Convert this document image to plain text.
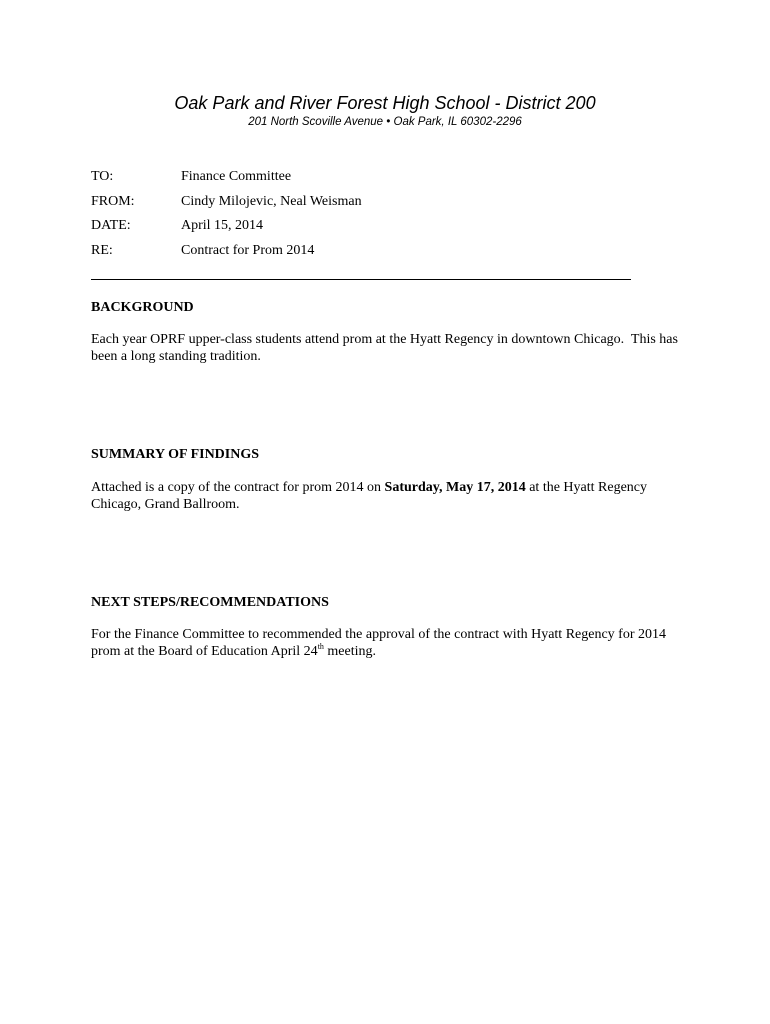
Oak Park and River Forest High School - District 200
201 North Scoville Avenue • Oak Park, IL 60302-2296
TO:	Finance Committee
FROM:	Cindy Milojevic, Neal Weisman
DATE:	April 15, 2014
RE:	Contract for Prom 2014
BACKGROUND
Each year OPRF upper-class students attend prom at the Hyatt Regency in downtown Chicago.  This has
been a long standing tradition.
SUMMARY OF FINDINGS
Attached is a copy of the contract for prom 2014 on Saturday, May 17, 2014 at the Hyatt Regency
Chicago, Grand Ballroom.
NEXT STEPS/RECOMMENDATIONS
For the Finance Committee to recommended the approval of the contract with Hyatt Regency for 2014
prom at the Board of Education April 24th meeting.
